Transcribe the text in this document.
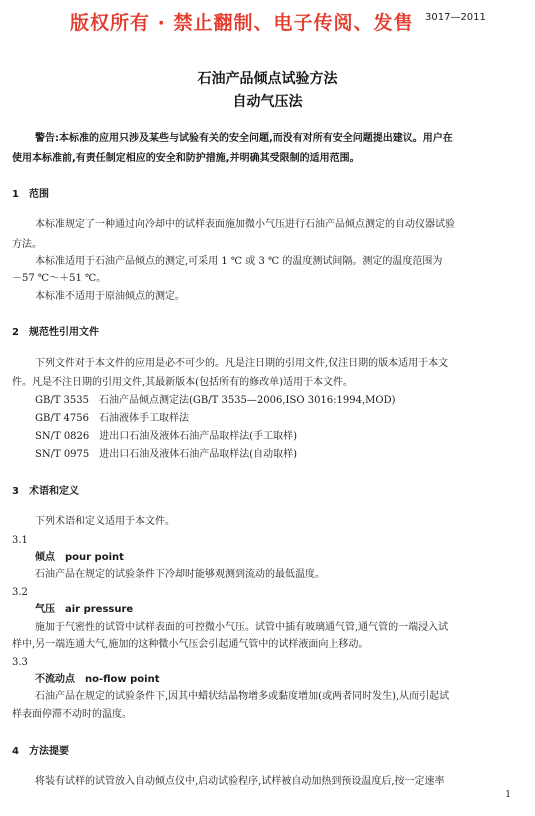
版权所有 · 禁止翻制、电子传阅、发售 3017—2011
石油产品倾点试验方法
自动气压法
警告:本标准的应用只涉及某些与试验有关的安全问题,而没有对所有安全问题提出建议。用户在
使用本标准前,有责任制定相应的安全和防护措施,并明确其受限制的适用范围。
1　范围
本标准规定了一种通过向冷却中的试样表面施加微小气压进行石油产品倾点测定的自动仪器试验
方法。
本标准适用于石油产品倾点的测定,可采用 1 ℃ 或 3 ℃ 的温度测试间隔。测定的温度范围为
－57 ℃～＋51 ℃。
本标准不适用于原油倾点的测定。
2　规范性引用文件
下列文件对于本文件的应用是必不可少的。凡是注日期的引用文件,仅注日期的版本适用于本文
件。凡是不注日期的引用文件,其最新版本(包括所有的修改单)适用于本文件。
GB/T 3535　石油产品倾点测定法(GB/T 3535—2006,ISO 3016:1994,MOD)
GB/T 4756　石油液体手工取样法
SN/T 0826　进出口石油及液体石油产品取样法(手工取样)
SN/T 0975　进出口石油及液体石油产品取样法(自动取样)
3　术语和定义
下列术语和定义适用于本文件。
3.1
倾点　pour point
石油产品在规定的试验条件下冷却时能够观测到流动的最低温度。
3.2
气压　air pressure
施加于气密性的试管中试样表面的可控微小气压。试管中插有玻璃通气管,通气管的一端浸入试
样中,另一端连通大气,施加的这种微小气压会引起通气管中的试样液面向上移动。
3.3
不流动点　no-flow point
石油产品在规定的试验条件下,因其中蜡状结晶物增多或黏度增加(或两者同时发生),从而引起试
样表面停滞不动时的温度。
4　方法提要
将装有试样的试管放入自动倾点仪中,启动试验程序,试样被自动加热到预设温度后,按一定速率
1
